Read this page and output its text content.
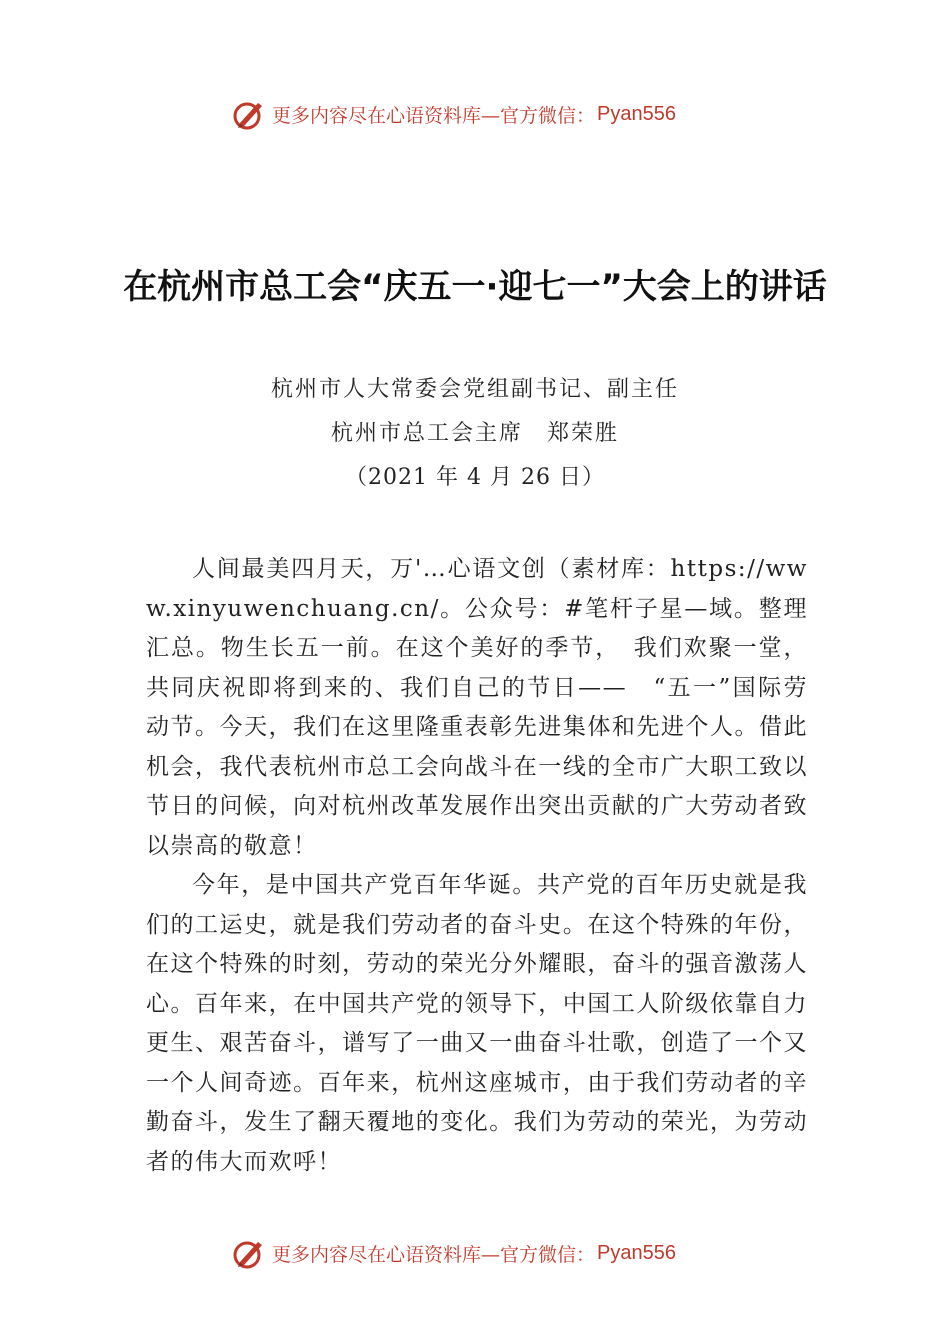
更多内容尽在心语资料库—官方微信： Pyan556
在杭州市总工会“庆五一·迎七一”大会上的讲话
杭州市人大常委会党组副书记、副主任
杭州市总工会主席　郑荣胜
（2021 年 4 月 26 日）

人间最美四月天，万'…心语文创（素材库：https://www.xinyuwenchuang.cn/。公众号：#笔杆子星—域。整理汇总。物生长五一前。在这个美好的季节，　我们欢聚一堂，共同庆祝即将到来的、我们自己的节日——　“五一”国际劳动节。今天，我们在这里隆重表彰先进集体和先进个人。借此机会，我代表杭州市总工会向战斗在一线的全市广大职工致以节日的问候，向对杭州改革发展作出突出贡献的广大劳动者致以崇高的敬意！

今年，是中国共产党百年华诞。共产党的百年历史就是我们的工运史，就是我们劳动者的奋斗史。在这个特殊的年份，在这个特殊的时刻，劳动的荣光分外耀眼，奋斗的强音激荡人心。百年来，在中国共产党的领导下，中国工人阶级依靠自力更生、艰苦奋斗，谱写了一曲又一曲奋斗壮歌，创造了一个又一个人间奇迹。百年来，杭州这座城市，由于我们劳动者的辛勤奋斗，发生了翻天覆地的变化。我们为劳动的荣光，为劳动者的伟大而欢呼！

更多内容尽在心语资料库—官方微信： Pyan556
